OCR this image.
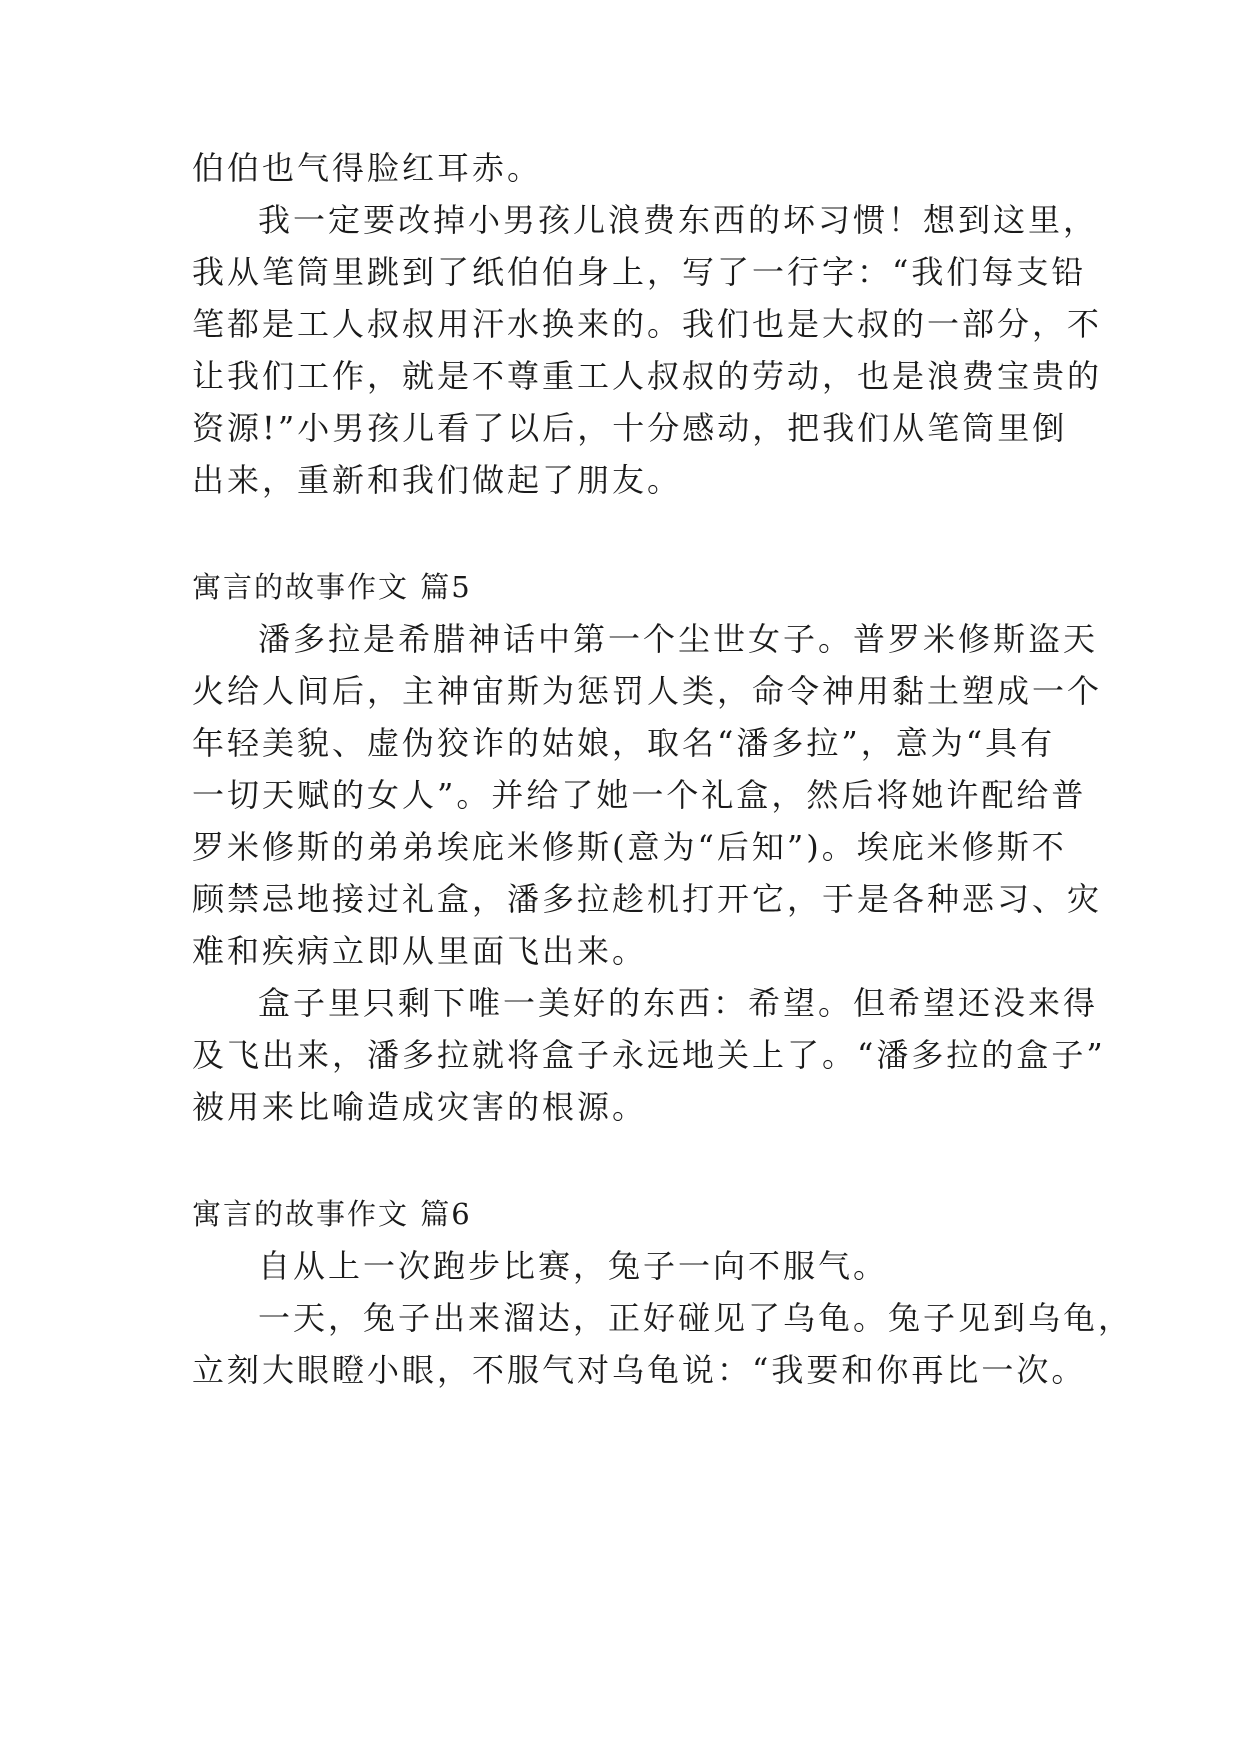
伯伯也气得脸红耳赤。
我一定要改掉小男孩儿浪费东西的坏习惯！想到这里，
我从笔筒里跳到了纸伯伯身上，写了一行字：“我们每支铅
笔都是工人叔叔用汗水换来的。我们也是大叔的一部分，不
让我们工作，就是不尊重工人叔叔的劳动，也是浪费宝贵的
资源!”小男孩儿看了以后，十分感动，把我们从笔筒里倒
出来，重新和我们做起了朋友。
寓言的故事作文 篇5
潘多拉是希腊神话中第一个尘世女子。普罗米修斯盗天
火给人间后，主神宙斯为惩罚人类，命令神用黏土塑成一个
年轻美貌、虚伪狡诈的姑娘，取名“潘多拉”，意为“具有
一切天赋的女人”。并给了她一个礼盒，然后将她许配给普
罗米修斯的弟弟埃庇米修斯(意为“后知”)。埃庇米修斯不
顾禁忌地接过礼盒，潘多拉趁机打开它，于是各种恶习、灾
难和疾病立即从里面飞出来。
盒子里只剩下唯一美好的东西：希望。但希望还没来得
及飞出来，潘多拉就将盒子永远地关上了。“潘多拉的盒子”
被用来比喻造成灾害的根源。
寓言的故事作文 篇6
自从上一次跑步比赛，兔子一向不服气。
一天，兔子出来溜达，正好碰见了乌龟。兔子见到乌龟，
立刻大眼瞪小眼，不服气对乌龟说：“我要和你再比一次。
